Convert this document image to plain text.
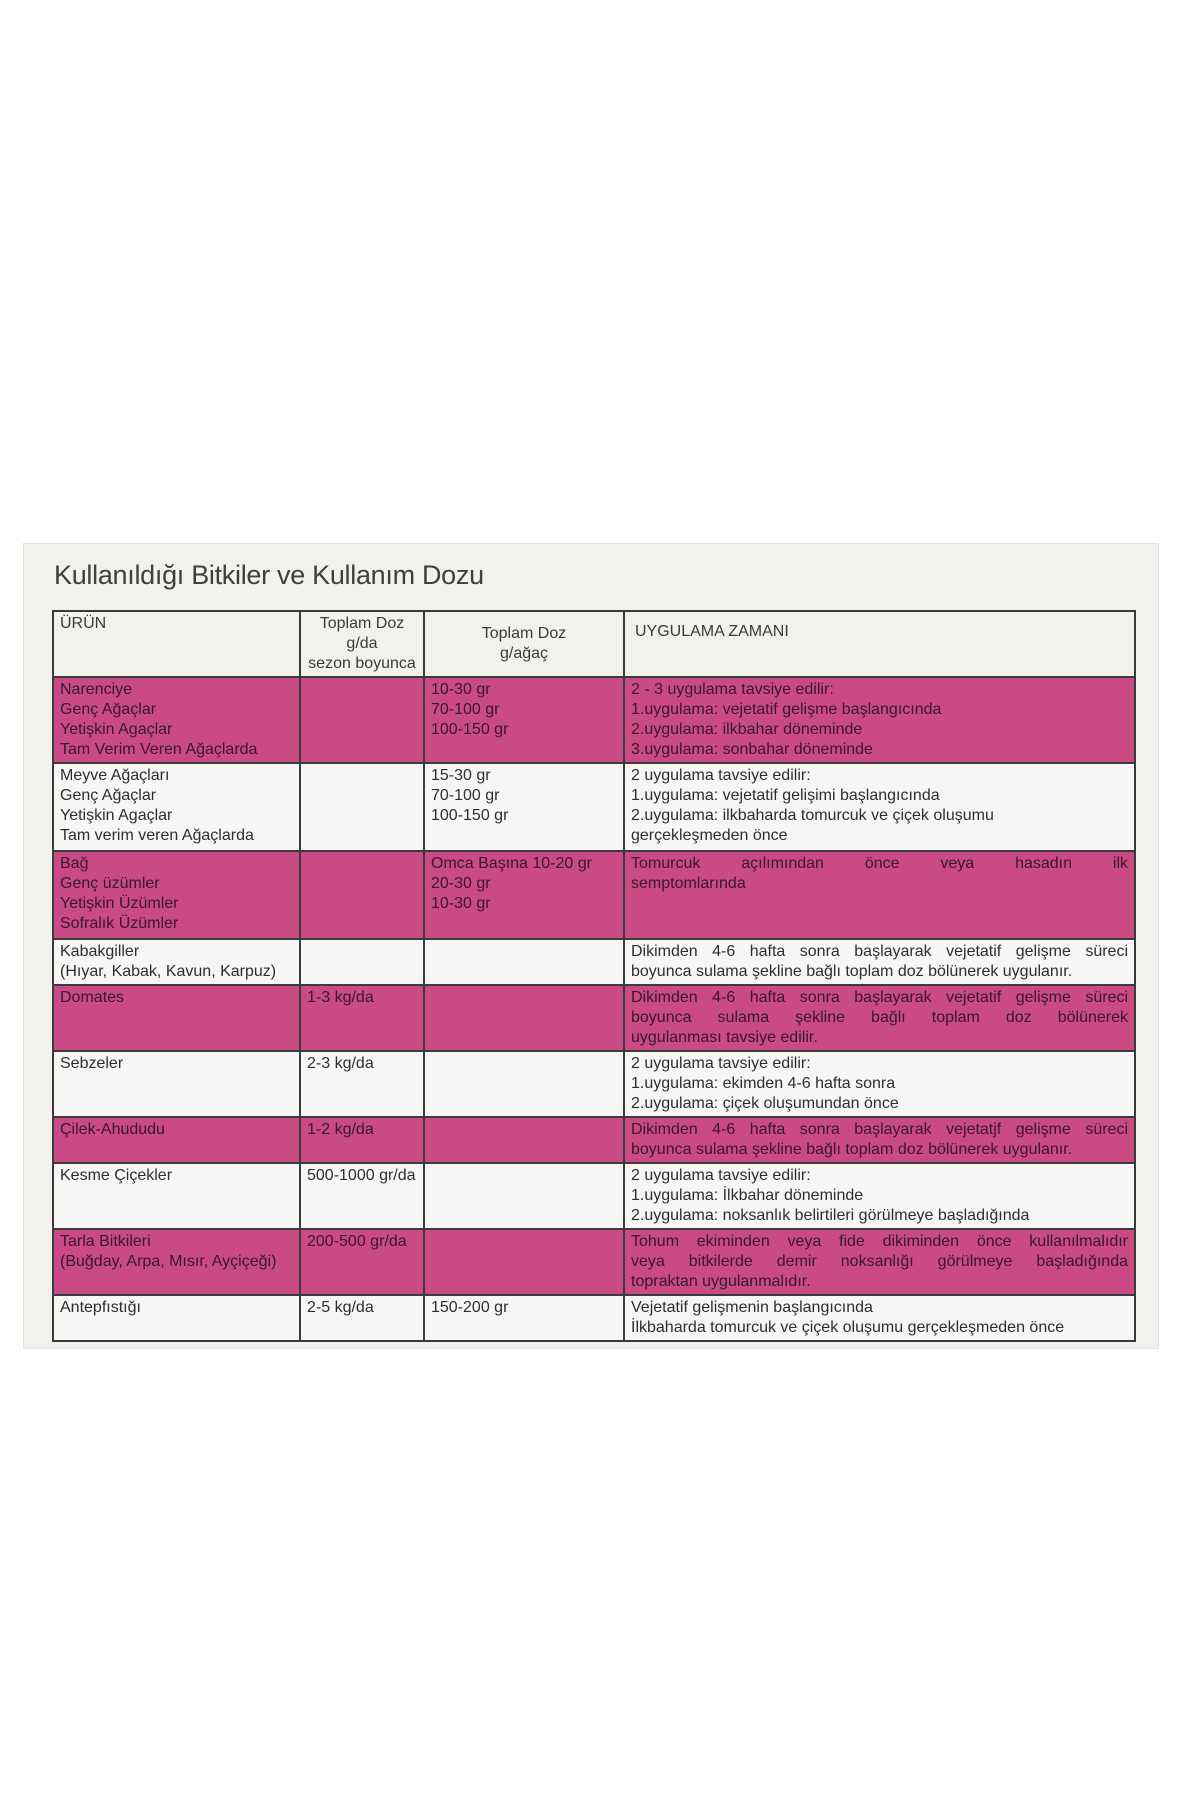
Kullanıldığı Bitkiler ve Kullanım Dozu
ÜRÜN	Toplam Doz
g/da
sezon boyunca	Toplam Doz
g/ağaç	UYGULAMA ZAMANI

Narenciye
Genç Ağaçlar
Yetişkin Agaçlar
Tam Verim Veren Ağaçlarda		10-30 gr
70-100 gr
100-150 gr	2 - 3 uygulama tavsiye edilir:
1.uygulama: vejetatif gelişme başlangıcında
2.uygulama: ilkbahar döneminde
3.uygulama: sonbahar döneminde

Meyve Ağaçları
Genç Ağaçlar
Yetişkin Agaçlar
Tam verim veren Ağaçlarda		15-30 gr
70-100 gr
100-150 gr	2 uygulama tavsiye edilir:
1.uygulama: vejetatif gelişimi başlangıcında
2.uygulama: ilkbaharda tomurcuk ve çiçek oluşumu
gerçekleşmeden önce

Bağ
Genç üzümler
Yetişkin Üzümler
Sofralık Üzümler		Omca Başına 10-20 gr
20-30 gr
10-30 gr	Tomurcuk açılımından önce veya hasadın ilk
semptomlarında

Kabakgiller
(Hıyar, Kabak, Kavun, Karpuz)			Dikimden 4-6 hafta sonra başlayarak vejetatif gelişme süreci
boyunca sulama şekline bağlı toplam doz bölünerek uygulanır.

Domates	1-3 kg/da		Dikimden 4-6 hafta sonra başlayarak vejetatif gelişme süreci
boyunca sulama şekline bağlı toplam doz bölünerek
uygulanması tavsiye edilir.

Sebzeler	2-3 kg/da		2 uygulama tavsiye edilir:
1.uygulama: ekimden 4-6 hafta sonra
2.uygulama: çiçek oluşumundan önce

Çilek-Ahududu	1-2 kg/da		Dikimden 4-6 hafta sonra başlayarak vejetatjf gelişme süreci
boyunca sulama şekline bağlı toplam doz bölünerek uygulanır.

Kesme Çiçekler	500-1000 gr/da		2 uygulama tavsiye edilir:
1.uygulama: İlkbahar döneminde
2.uygulama: noksanlık belirtileri görülmeye başladığında

Tarla Bitkileri
(Buğday, Arpa, Mısır, Ayçiçeği)	200-500 gr/da		Tohum ekiminden veya fide dikiminden önce kullanılmalıdır
veya bitkilerde demir noksanlığı görülmeye başladığında
topraktan uygulanmalıdır.

Antepfıstığı	2-5 kg/da	150-200 gr	Vejetatif gelişmenin başlangıcında
İlkbaharda tomurcuk ve çiçek oluşumu gerçekleşmeden önce
